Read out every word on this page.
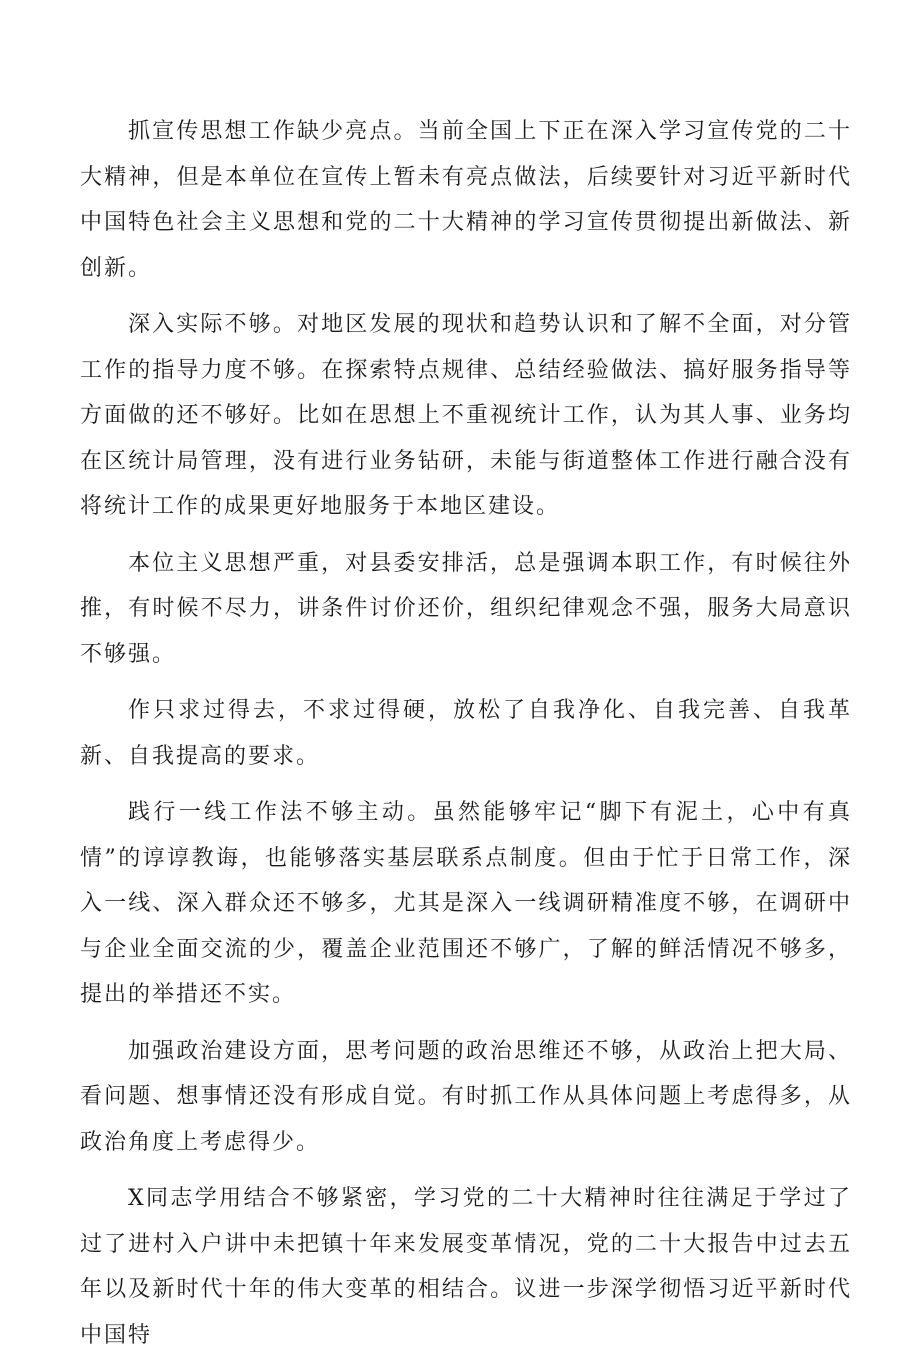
抓宣传思想工作缺少亮点。当前全国上下正在深入学习宣传党的二十大精神，但是本单位在宣传上暂未有亮点做法，后续要针对习近平新时代中国特色社会主义思想和党的二十大精神的学习宣传贯彻提出新做法、新创新。

深入实际不够。对地区发展的现状和趋势认识和了解不全面，对分管工作的指导力度不够。在探索特点规律、总结经验做法、搞好服务指导等方面做的还不够好。比如在思想上不重视统计工作，认为其人事、业务均在区统计局管理，没有进行业务钻研，未能与街道整体工作进行融合没有将统计工作的成果更好地服务于本地区建设。

本位主义思想严重，对县委安排活，总是强调本职工作，有时候往外推，有时候不尽力，讲条件讨价还价，组织纪律观念不强，服务大局意识不够强。

作只求过得去，不求过得硬，放松了自我净化、自我完善、自我革新、自我提高的要求。

践行一线工作法不够主动。虽然能够牢记“脚下有泥土，心中有真情”的谆谆教诲，也能够落实基层联系点制度。但由于忙于日常工作，深入一线、深入群众还不够多，尤其是深入一线调研精准度不够，在调研中与企业全面交流的少，覆盖企业范围还不够广，了解的鲜活情况不够多，提出的举措还不实。

加强政治建设方面，思考问题的政治思维还不够，从政治上把大局、看问题、想事情还没有形成自觉。有时抓工作从具体问题上考虑得多，从政治角度上考虑得少。

X同志学用结合不够紧密，学习党的二十大精神时往往满足于学过了过了进村入户讲中未把镇十年来发展变革情况，党的二十大报告中过去五年以及新时代十年的伟大变革的相结合。议进一步深学彻悟习近平新时代中国特
